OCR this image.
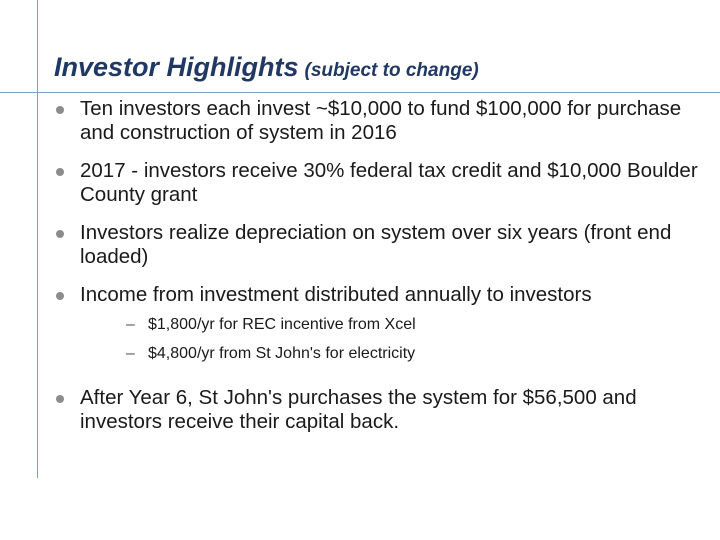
Investor Highlights (subject to change)
Ten investors each invest ~$10,000 to fund $100,000 for purchase and construction of system in 2016
2017 - investors receive 30% federal tax credit and $10,000 Boulder County grant
Investors realize depreciation on system over six years (front end loaded)
Income from investment distributed annually to investors
– $1,800/yr for REC incentive from Xcel
– $4,800/yr from St John's for electricity
After Year 6, St John's purchases the system for $56,500 and investors receive their capital back.
